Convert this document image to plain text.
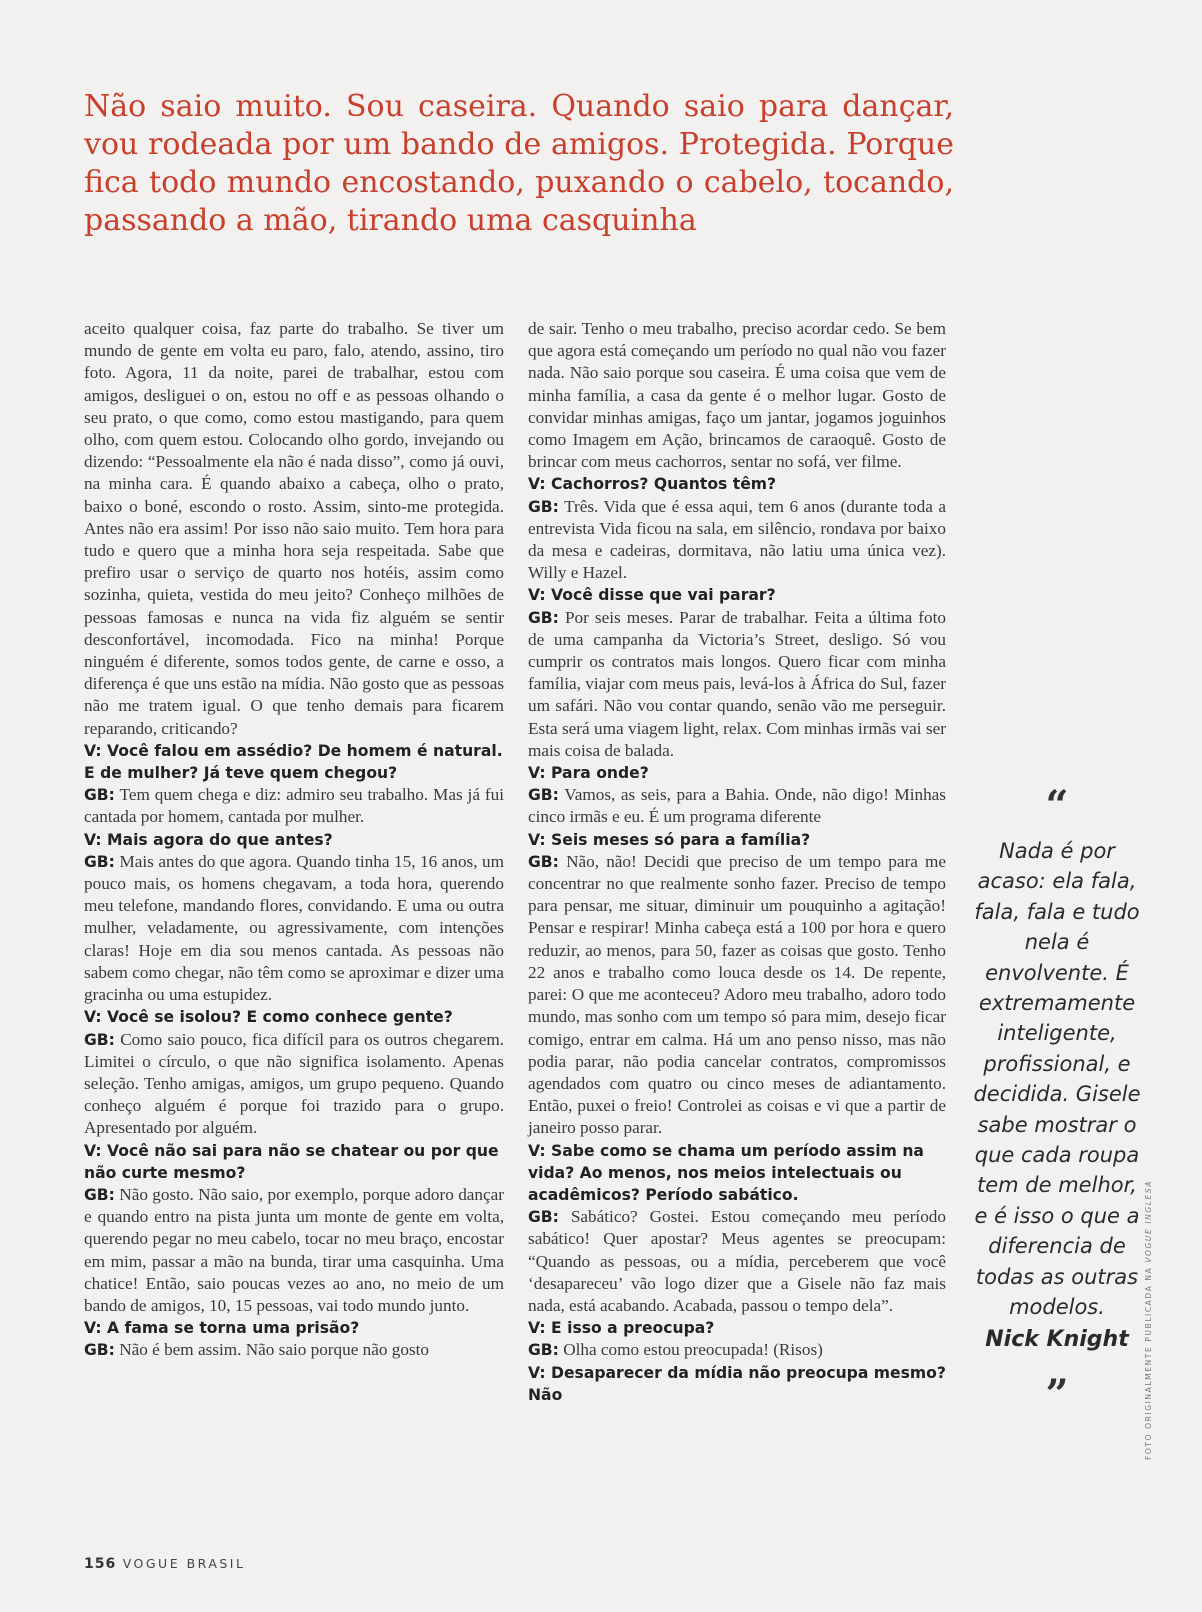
Não saio muito. Sou caseira. Quando saio para dançar, vou rodeada por um bando de amigos. Protegida. Porque fica todo mundo encostando, puxando o cabelo, tocando, passando a mão, tirando uma casquinha

aceito qualquer coisa, faz parte do trabalho. Se tiver um mundo de gente em volta eu paro, falo, atendo, assino, tiro foto. Agora, 11 da noite, parei de trabalhar, estou com amigos, desliguei o on, estou no off e as pessoas olhando o seu prato, o que como, como estou mastigando, para quem olho, com quem estou. Colocando olho gordo, invejando ou dizendo: “Pessoalmente ela não é nada disso”, como já ouvi, na minha cara. É quando abaixo a cabeça, olho o prato, baixo o boné, escondo o rosto. Assim, sinto-me protegida. Antes não era assim! Por isso não saio muito. Tem hora para tudo e quero que a minha hora seja respeitada. Sabe que prefiro usar o serviço de quarto nos hotéis, assim como sozinha, quieta, vestida do meu jeito? Conheço milhões de pessoas famosas e nunca na vida fiz alguém se sentir desconfortável, incomodada. Fico na minha! Porque ninguém é diferente, somos todos gente, de carne e osso, a diferença é que uns estão na mídia. Não gosto que as pessoas não me tratem igual. O que tenho demais para ficarem reparando, criticando?

V: Você falou em assédio? De homem é natural. E de mulher? Já teve quem chegou?

GB: Tem quem chega e diz: admiro seu trabalho. Mas já fui cantada por homem, cantada por mulher.

V: Mais agora do que antes?

GB: Mais antes do que agora. Quando tinha 15, 16 anos, um pouco mais, os homens chegavam, a toda hora, querendo meu telefone, mandando flores, convidando. E uma ou outra mulher, veladamente, ou agressivamente, com intenções claras! Hoje em dia sou menos cantada. As pessoas não sabem como chegar, não têm como se aproximar e dizer uma gracinha ou uma estupidez.

V: Você se isolou? E como conhece gente?

GB: Como saio pouco, fica difícil para os outros chegarem. Limitei o círculo, o que não significa isolamento. Apenas seleção. Tenho amigas, amigos, um grupo pequeno. Quando conheço alguém é porque foi trazido para o grupo. Apresentado por alguém.

V: Você não sai para não se chatear ou por que não curte mesmo?

GB: Não gosto. Não saio, por exemplo, porque adoro dançar e quando entro na pista junta um monte de gente em volta, querendo pegar no meu cabelo, tocar no meu braço, encostar em mim, passar a mão na bunda, tirar uma casquinha. Uma chatice! Então, saio poucas vezes ao ano, no meio de um bando de amigos, 10, 15 pessoas, vai todo mundo junto.

V: A fama se torna uma prisão?

GB: Não é bem assim. Não saio porque não gosto

de sair. Tenho o meu trabalho, preciso acordar cedo. Se bem que agora está começando um período no qual não vou fazer nada. Não saio porque sou caseira. É uma coisa que vem de minha família, a casa da gente é o melhor lugar. Gosto de convidar minhas amigas, faço um jantar, jogamos joguinhos como Imagem em Ação, brincamos de caraoquê. Gosto de brincar com meus cachorros, sentar no sofá, ver filme.

V: Cachorros? Quantos têm?

GB: Três. Vida que é essa aqui, tem 6 anos (durante toda a entrevista Vida ficou na sala, em silêncio, rondava por baixo da mesa e cadeiras, dormitava, não latiu uma única vez). Willy e Hazel.

V: Você disse que vai parar?

GB: Por seis meses. Parar de trabalhar. Feita a última foto de uma campanha da Victoria’s Street, desligo. Só vou cumprir os contratos mais longos. Quero ficar com minha família, viajar com meus pais, levá-los à África do Sul, fazer um safári. Não vou contar quando, senão vão me perseguir. Esta será uma viagem light, relax. Com minhas irmãs vai ser mais coisa de balada.

V: Para onde?

GB: Vamos, as seis, para a Bahia. Onde, não digo! Minhas cinco irmãs e eu. É um programa diferente

V: Seis meses só para a família?

GB: Não, não! Decidi que preciso de um tempo para me concentrar no que realmente sonho fazer. Preciso de tempo para pensar, me situar, diminuir um pouquinho a agitação! Pensar e respirar! Minha cabeça está a 100 por hora e quero reduzir, ao menos, para 50, fazer as coisas que gosto. Tenho 22 anos e trabalho como louca desde os 14. De repente, parei: O que me aconteceu? Adoro meu trabalho, adoro todo mundo, mas sonho com um tempo só para mim, desejo ficar comigo, entrar em calma. Há um ano penso nisso, mas não podia parar, não podia cancelar contratos, compromissos agendados com quatro ou cinco meses de adiantamento. Então, puxei o freio! Controlei as coisas e vi que a partir de janeiro posso parar.

V: Sabe como se chama um período assim na vida? Ao menos, nos meios intelectuais ou acadêmicos? Período sabático.

GB: Sabático? Gostei. Estou começando meu período sabático! Quer apostar? Meus agentes se preocupam: “Quando as pessoas, ou a mídia, perceberem que você ‘desapareceu’ vão logo dizer que a Gisele não faz mais nada, está acabando. Acabada, passou o tempo dela”.

V: E isso a preocupa?

GB: Olha como estou preocupada! (Risos)

V: Desaparecer da mídia não preocupa mesmo? Não

“
Nada é por acaso: ela fala, fala, fala e tudo nela é envolvente. É extremamente inteligente, profissional, e decidida. Gisele sabe mostrar o que cada roupa tem de melhor, e é isso o que a diferencia de todas as outras modelos.
Nick Knight
”	FOTO ORIGINALMENTE PUBLICADA NA VOGUE INGLESA
156 VOGUE BRASIL
